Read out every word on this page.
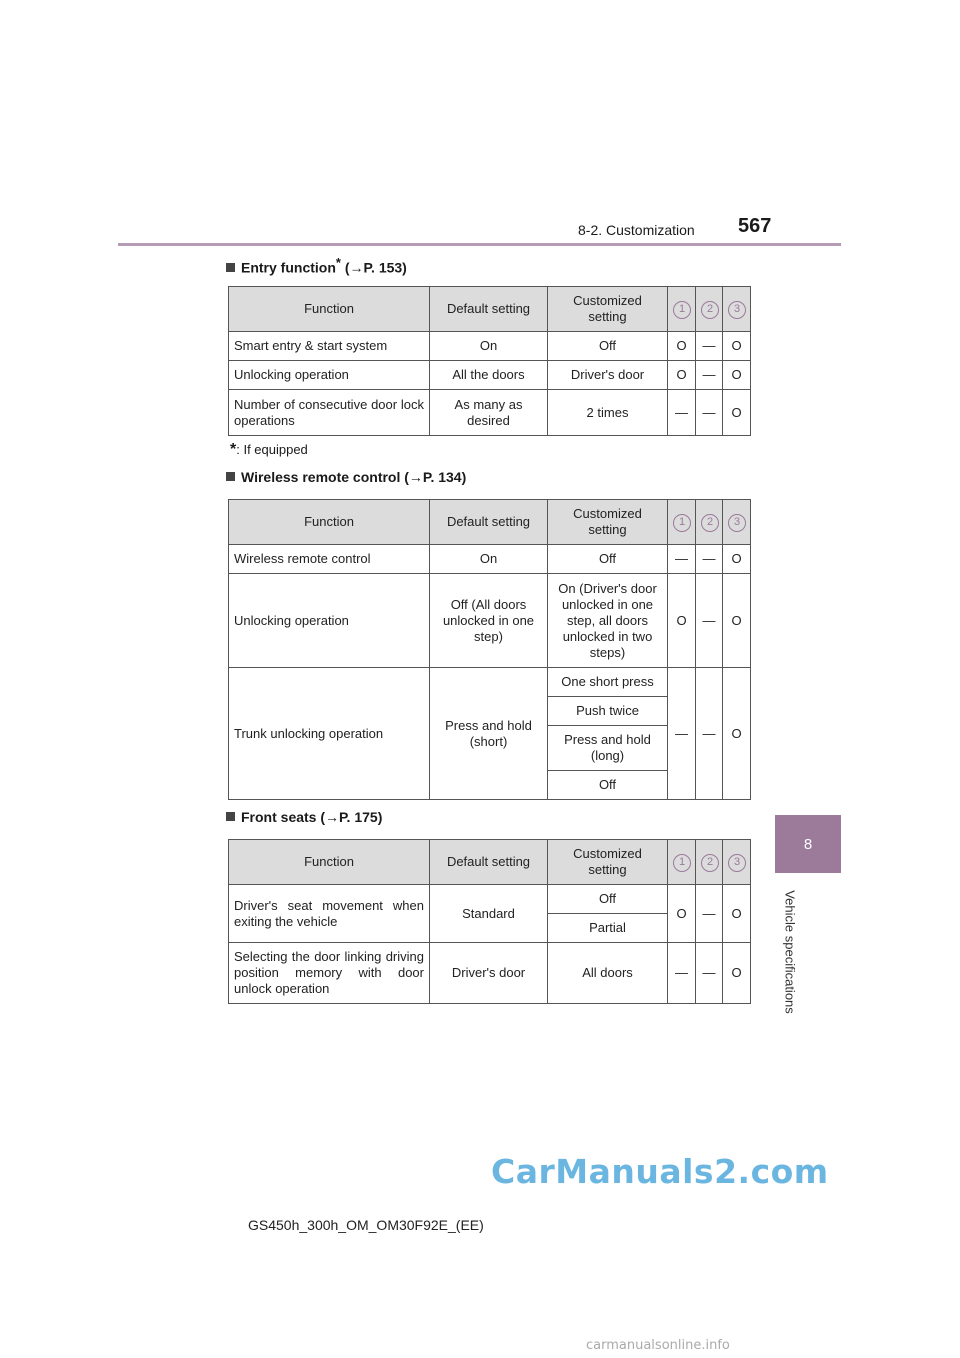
8-2. Customization 567
8
Vehicle specifications
Entry function* (→P. 153)
Function	Default setting	Customized setting	1	2	3
Smart entry & start system	On	Off	O	—	O
Unlocking operation	All the doors	Driver's door	O	—	O
Number of consecutive door lock operations	As many as desired	2 times	—	—	O
*: If equipped
Wireless remote control (→P. 134)
Function	Default setting	Customized setting	1	2	3
Wireless remote control	On	Off	—	—	O
Unlocking operation	Off (All doors unlocked in one step)	On (Driver's door unlocked in one step, all doors unlocked in two steps)	O	—	O
Trunk unlocking operation	Press and hold (short)	One short press	—	—	O
		Push twice			
		Press and hold (long)			
		Off			
Front seats (→P. 175)
Function	Default setting	Customized setting	1	2	3
Driver's seat movement when exiting the vehicle	Standard	Off	O	—	O
		Partial			
Selecting the door linking driving position memory with door unlock operation	Driver's door	All doors	—	—	O
GS450h_300h_OM_OM30F92E_(EE)
CarManuals2.com
carmanualsonline.info
